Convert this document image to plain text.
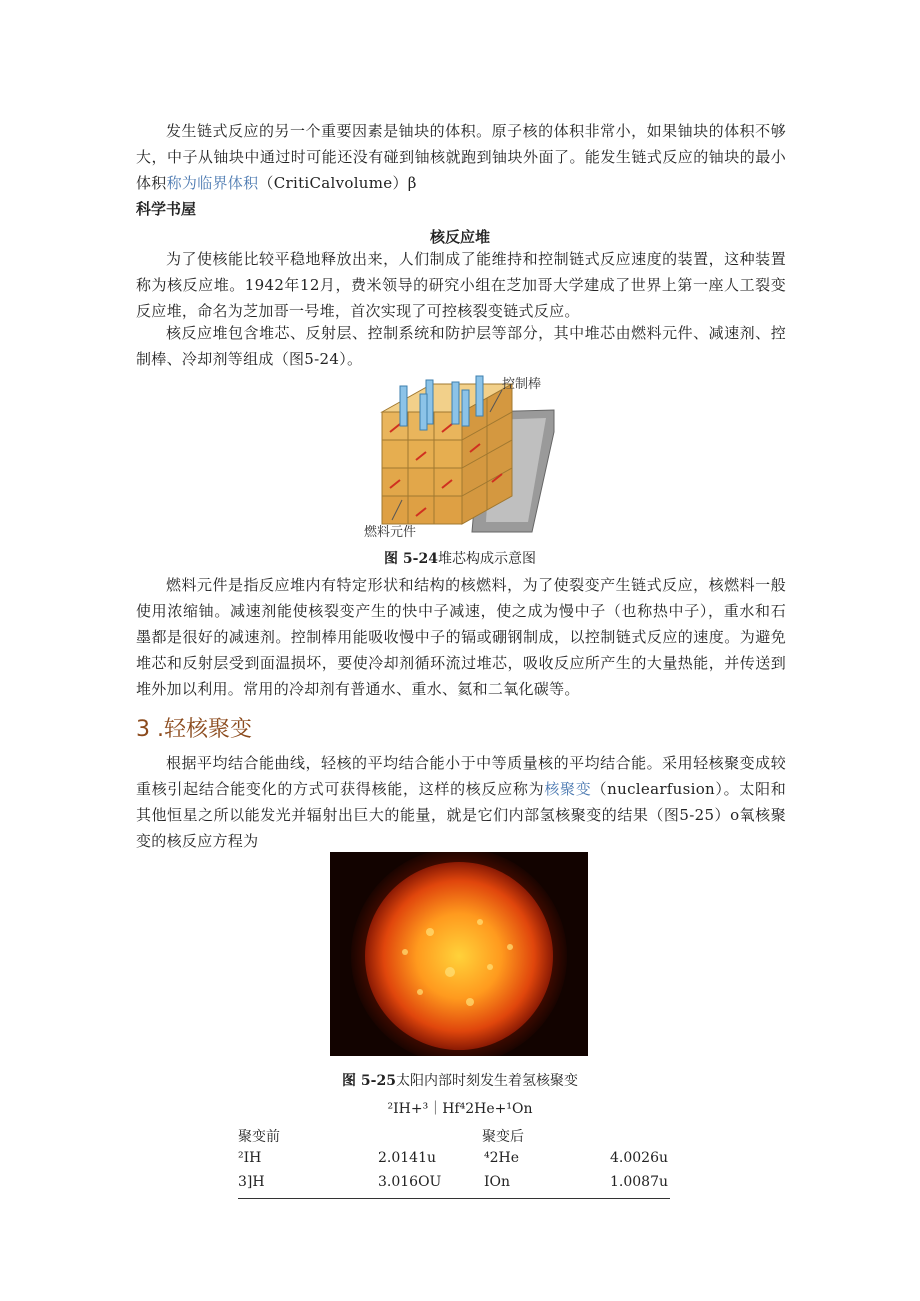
发生链式反应的另一个重要因素是铀块的体积。原子核的体积非常小，如果铀块的体积不够大，中子从铀块中通过时可能还没有碰到铀核就跑到铀块外面了。能发生链式反应的铀块的最小体积称为临界体积（CritiCalvolume）β

科学书屋
核反应堆

为了使核能比较平稳地释放出来，人们制成了能维持和控制链式反应速度的装置，这种装置称为核反应堆。1942年12月，费米领导的研究小组在芝加哥大学建成了世界上第一座人工裂变反应堆，命名为芝加哥一号堆，首次实现了可控核裂变链式反应。

核反应堆包含堆芯、反射层、控制系统和防护层等部分，其中堆芯由燃料元件、减速剂、控制棒、冷却剂等组成（图5-24）。

控制棒
燃料元件
图 5-24堆芯构成示意图

燃料元件是指反应堆内有特定形状和结构的核燃料，为了使裂变产生链式反应，核燃料一般使用浓缩铀。减速剂能使核裂变产生的快中子减速，使之成为慢中子（也称热中子），重水和石墨都是很好的减速剂。控制棒用能吸收慢中子的镉或硼钢制成，以控制链式反应的速度。为避免堆芯和反射层受到面温损坏，要使冷却剂循环流过堆芯，吸收反应所产生的大量热能，并传送到堆外加以利用。常用的冷却剂有普通水、重水、氦和二氧化碳等。

3 .轻核聚变

根据平均结合能曲线，轻核的平均结合能小于中等质量核的平均结合能。采用轻核聚变成较重核引起结合能变化的方式可获得核能，这样的核反应称为核聚变（nuclearfusion）。太阳和其他恒星之所以能发光并辐射出巨大的能量，就是它们内部氢核聚变的结果（图5-25）o氧核聚变的核反应方程为

图 5-25太阳内部时刻发生着氢核聚变
²IH+³｜Hf⁴2He+¹On
聚变前	聚变后
²IH	2.0141u	⁴2He	4.0026u
3]H	3.016OU	IOn	1.0087u
